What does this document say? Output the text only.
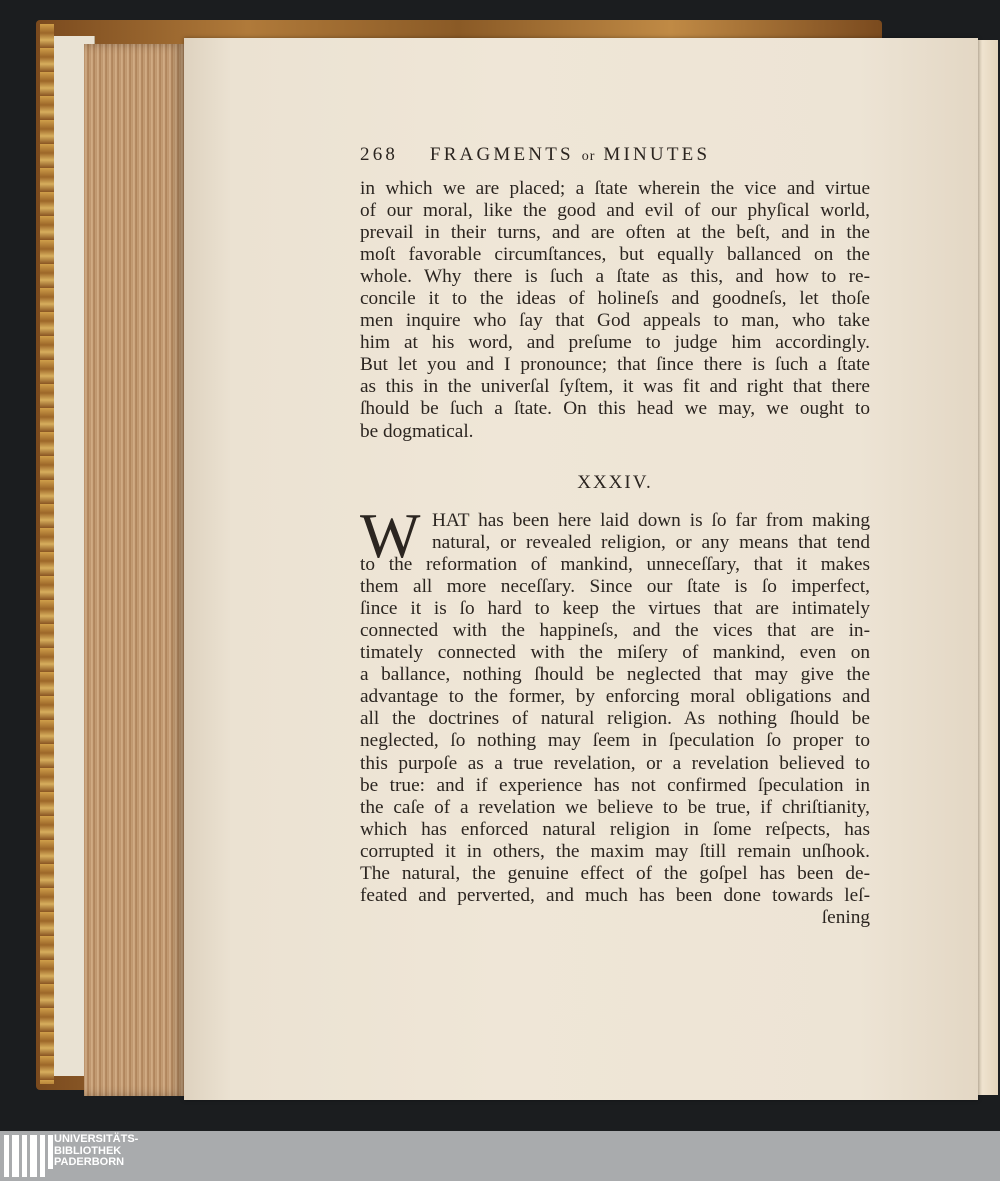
268 FRAGMENTS or MINUTES
in which we are placed; a ſtate wherein the vice and virtue
of our moral, like the good and evil of our phyſical world,
prevail in their turns, and are often at the beſt, and in the
moſt favorable circumſtances, but equally ballanced on the
whole. Why there is ſuch a ſtate as this, and how to re-
concile it to the ideas of holineſs and goodneſs, let thoſe
men inquire who ſay that God appeals to man, who take
him at his word, and preſume to judge him accordingly.
But let you and I pronounce; that ſince there is ſuch a ſtate
as this in the univerſal ſyſtem, it was fit and right that there
ſhould be ſuch a ſtate. On this head we may, we ought to
be dogmatical.
XXXIV.
W HAT has been here laid down is ſo far from making
natural, or revealed religion, or any means that tend
to the reformation of mankind, unneceſſary, that it makes
them all more neceſſary. Since our ſtate is ſo imperfect,
ſince it is ſo hard to keep the virtues that are intimately
connected with the happineſs, and the vices that are in-
timately connected with the miſery of mankind, even on
a ballance, nothing ſhould be neglected that may give the
advantage to the former, by enforcing moral obligations and
all the doctrines of natural religion. As nothing ſhould be
neglected, ſo nothing may ſeem in ſpeculation ſo proper to
this purpoſe as a true revelation, or a revelation believed to
be true: and if experience has not confirmed ſpeculation in
the caſe of a revelation we believe to be true, if chriſtianity,
which has enforced natural religion in ſome reſpects, has
corrupted it in others, the maxim may ſtill remain unſhook.
The natural, the genuine effect of the goſpel has been de-
feated and perverted, and much has been done towards leſ-
ſening
UNIVERSITÄTS-
BIBLIOTHEK
PADERBORN
